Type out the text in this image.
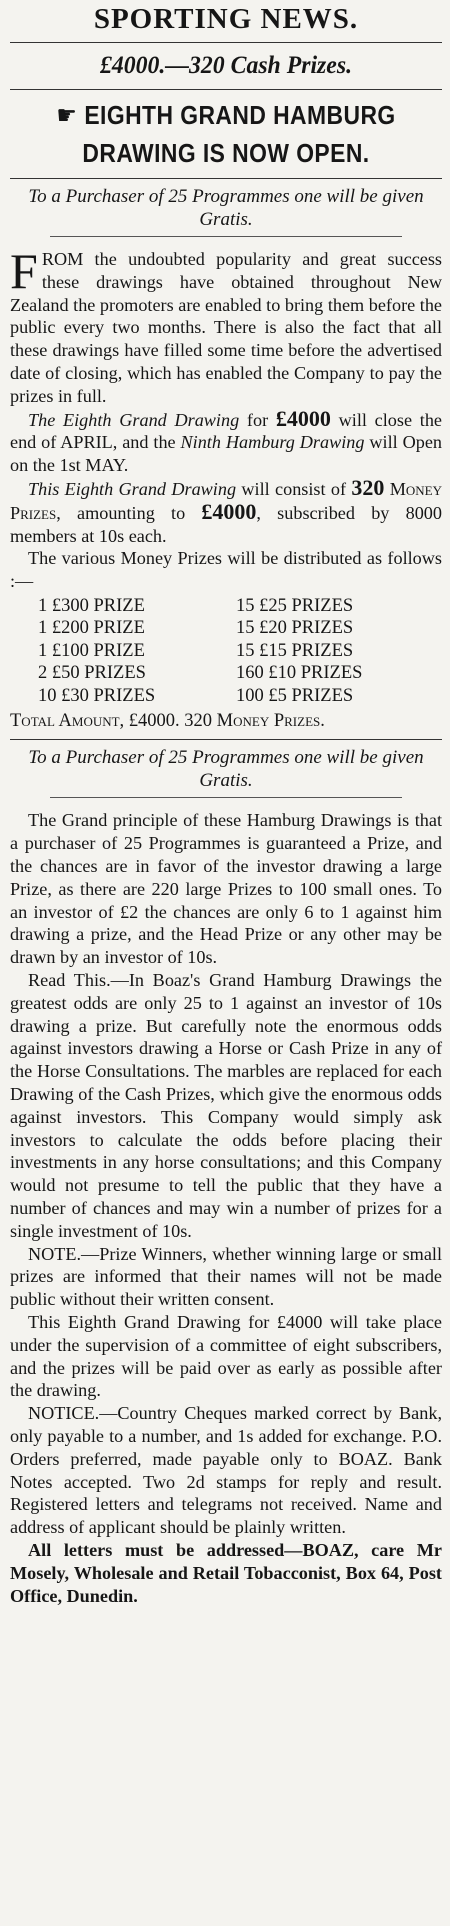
SPORTING NEWS.
£4000.—320 Cash Prizes.
☛ EIGHTH GRAND HAMBURG
DRAWING IS NOW OPEN.
To a Purchaser of 25 Programmes one will be given Gratis.

FROM the undoubted popularity and great success these drawings have obtained throughout New Zealand the promoters are enabled to bring them before the public every two months. There is also the fact that all these drawings have filled some time before the advertised date of closing, which has enabled the Company to pay the prizes in full.

The Eighth Grand Drawing for £4000 will close the end of APRIL, and the Ninth Hamburg Drawing will Open on the 1st MAY.

This Eighth Grand Drawing will consist of 320 Money Prizes, amounting to £4000, subscribed by 8000 members at 10s each.

The various Money Prizes will be distributed as follows :—

1 £300 PRIZE	15 £25 PRIZES
1 £200 PRIZE	15 £20 PRIZES
1 £100 PRIZE	15 £15 PRIZES
2 £50 PRIZES	160 £10 PRIZES
10 £30 PRIZES	100 £5 PRIZES
Total Amount, £4000. 320 Money Prizes.
To a Purchaser of 25 Programmes one will be given Gratis.

The Grand principle of these Hamburg Drawings is that a purchaser of 25 Programmes is guaranteed a Prize, and the chances are in favor of the investor drawing a large Prize, as there are 220 large Prizes to 100 small ones. To an investor of £2 the chances are only 6 to 1 against him drawing a prize, and the Head Prize or any other may be drawn by an investor of 10s.

Read This.—In Boaz's Grand Hamburg Drawings the greatest odds are only 25 to 1 against an investor of 10s drawing a prize. But carefully note the enormous odds against investors drawing a Horse or Cash Prize in any of the Horse Consultations. The marbles are replaced for each Drawing of the Cash Prizes, which give the enormous odds against investors. This Company would simply ask investors to calculate the odds before placing their investments in any horse consultations; and this Company would not presume to tell the public that they have a number of chances and may win a number of prizes for a single investment of 10s.

NOTE.—Prize Winners, whether winning large or small prizes are informed that their names will not be made public without their written consent.

This Eighth Grand Drawing for £4000 will take place under the supervision of a committee of eight subscribers, and the prizes will be paid over as early as possible after the drawing.

NOTICE.—Country Cheques marked correct by Bank, only payable to a number, and 1s added for exchange. P.O. Orders preferred, made payable only to BOAZ. Bank Notes accepted. Two 2d stamps for reply and result. Registered letters and telegrams not received. Name and address of applicant should be plainly written.

All letters must be addressed—BOAZ, care Mr Mosely, Wholesale and Retail Tobacconist, Box 64, Post Office, Dunedin.
